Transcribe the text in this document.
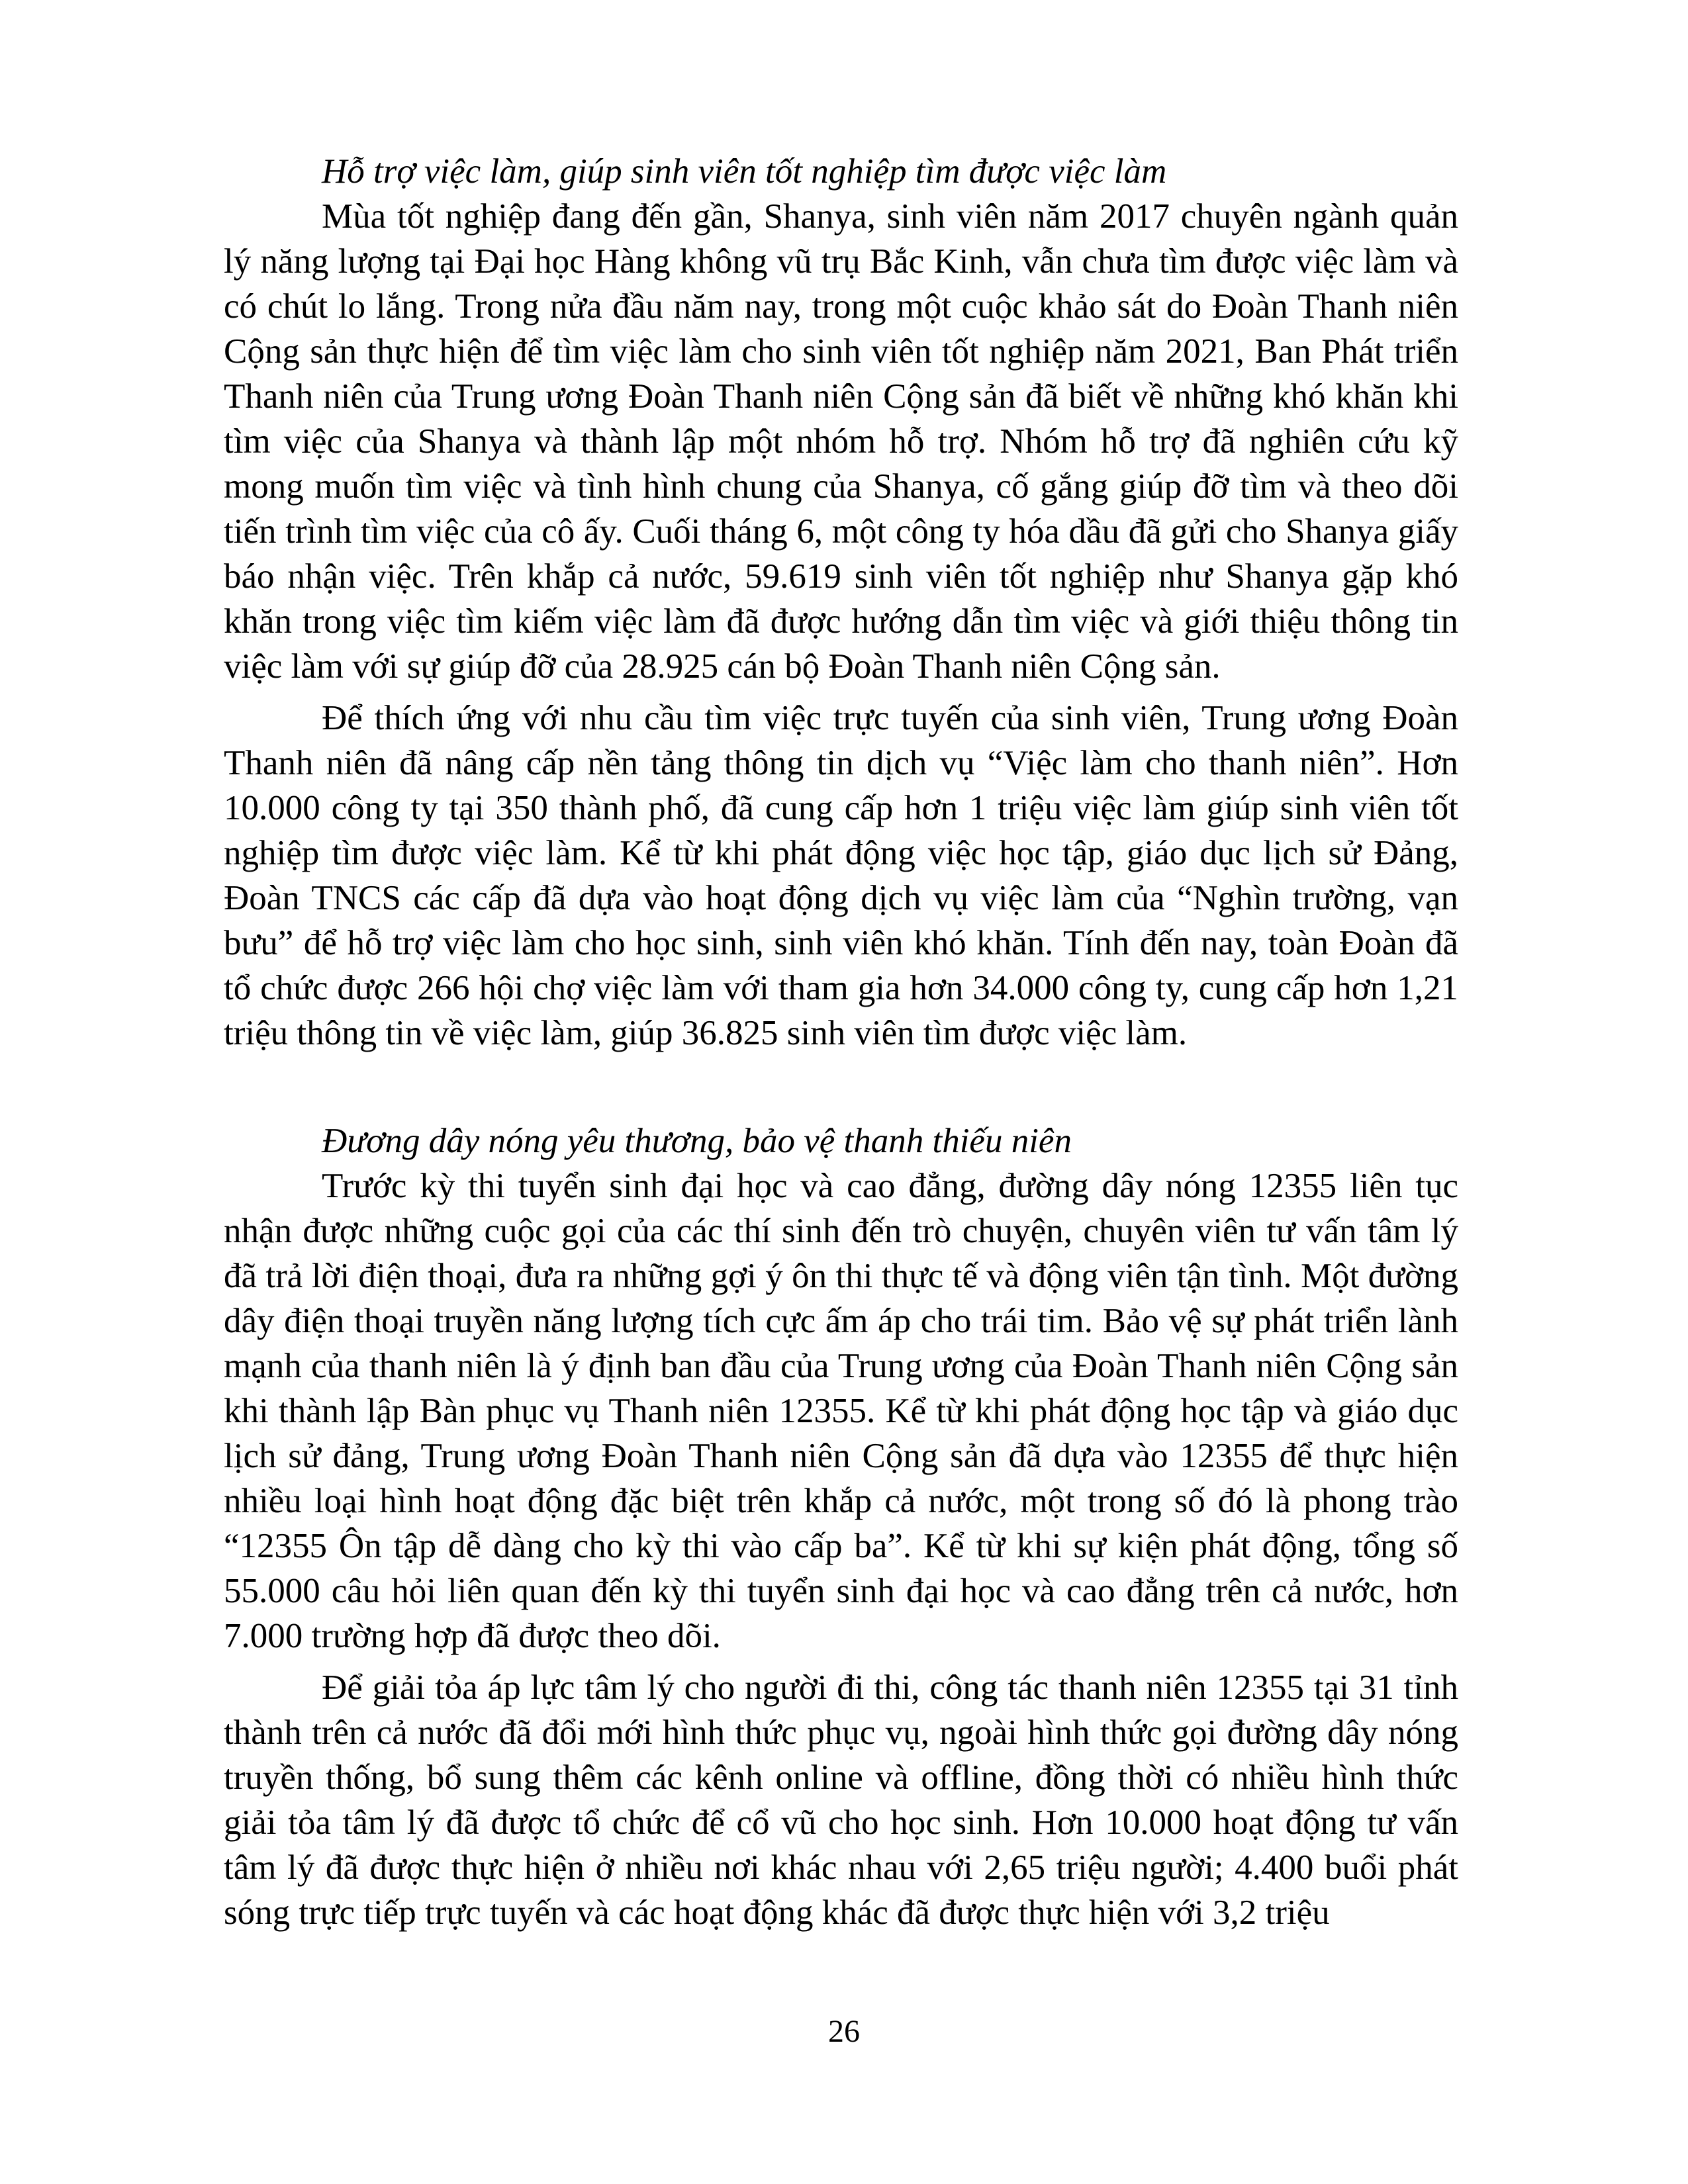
Hỗ trợ việc làm, giúp sinh viên tốt nghiệp tìm được việc làm

Mùa tốt nghiệp đang đến gần, Shanya, sinh viên năm 2017 chuyên ngành quản lý năng lượng tại Đại học Hàng không vũ trụ Bắc Kinh, vẫn chưa tìm được việc làm và có chút lo lắng. Trong nửa đầu năm nay, trong một cuộc khảo sát do Đoàn Thanh niên Cộng sản thực hiện để tìm việc làm cho sinh viên tốt nghiệp năm 2021, Ban Phát triển Thanh niên của Trung ương Đoàn Thanh niên Cộng sản đã biết về những khó khăn khi tìm việc của Shanya và thành lập một nhóm hỗ trợ. Nhóm hỗ trợ đã nghiên cứu kỹ mong muốn tìm việc và tình hình chung của Shanya, cố gắng giúp đỡ tìm và theo dõi tiến trình tìm việc của cô ấy. Cuối tháng 6, một công ty hóa dầu đã gửi cho Shanya giấy báo nhận việc. Trên khắp cả nước, 59.619 sinh viên tốt nghiệp như Shanya gặp khó khăn trong việc tìm kiếm việc làm đã được hướng dẫn tìm việc và giới thiệu thông tin việc làm với sự giúp đỡ của 28.925 cán bộ Đoàn Thanh niên Cộng sản.

Để thích ứng với nhu cầu tìm việc trực tuyến của sinh viên, Trung ương Đoàn Thanh niên đã nâng cấp nền tảng thông tin dịch vụ “Việc làm cho thanh niên”. Hơn 10.000 công ty tại 350 thành phố, đã cung cấp hơn 1 triệu việc làm giúp sinh viên tốt nghiệp tìm được việc làm. Kể từ khi phát động việc học tập, giáo dục lịch sử Đảng, Đoàn TNCS các cấp đã dựa vào hoạt động dịch vụ việc làm của “Nghìn trường, vạn bưu” để hỗ trợ việc làm cho học sinh, sinh viên khó khăn. Tính đến nay, toàn Đoàn đã tổ chức được 266 hội chợ việc làm với tham gia hơn 34.000 công ty, cung cấp hơn 1,21 triệu thông tin về việc làm, giúp 36.825 sinh viên tìm được việc làm.

Đương dây nóng yêu thương, bảo vệ thanh thiếu niên

Trước kỳ thi tuyển sinh đại học và cao đẳng, đường dây nóng 12355 liên tục nhận được những cuộc gọi của các thí sinh đến trò chuyện, chuyên viên tư vấn tâm lý đã trả lời điện thoại, đưa ra những gợi ý ôn thi thực tế và động viên tận tình. Một đường dây điện thoại truyền năng lượng tích cực ấm áp cho trái tim. Bảo vệ sự phát triển lành mạnh của thanh niên là ý định ban đầu của Trung ương của Đoàn Thanh niên Cộng sản khi thành lập Bàn phục vụ Thanh niên 12355. Kể từ khi phát động học tập và giáo dục lịch sử đảng, Trung ương Đoàn Thanh niên Cộng sản đã dựa vào 12355 để thực hiện nhiều loại hình hoạt động đặc biệt trên khắp cả nước, một trong số đó là phong trào “12355 Ôn tập dễ dàng cho kỳ thi vào cấp ba”. Kể từ khi sự kiện phát động, tổng số 55.000 câu hỏi liên quan đến kỳ thi tuyển sinh đại học và cao đẳng trên cả nước, hơn 7.000 trường hợp đã được theo dõi.

Để giải tỏa áp lực tâm lý cho người đi thi, công tác thanh niên 12355 tại 31 tỉnh thành trên cả nước đã đổi mới hình thức phục vụ, ngoài hình thức gọi đường dây nóng truyền thống, bổ sung thêm các kênh online và offline, đồng thời có nhiều hình thức giải tỏa tâm lý đã được tổ chức để cổ vũ cho học sinh. Hơn 10.000 hoạt động tư vấn tâm lý đã được thực hiện ở nhiều nơi khác nhau với 2,65 triệu người; 4.400 buổi phát sóng trực tiếp trực tuyến và các hoạt động khác đã được thực hiện với 3,2 triệu

26
